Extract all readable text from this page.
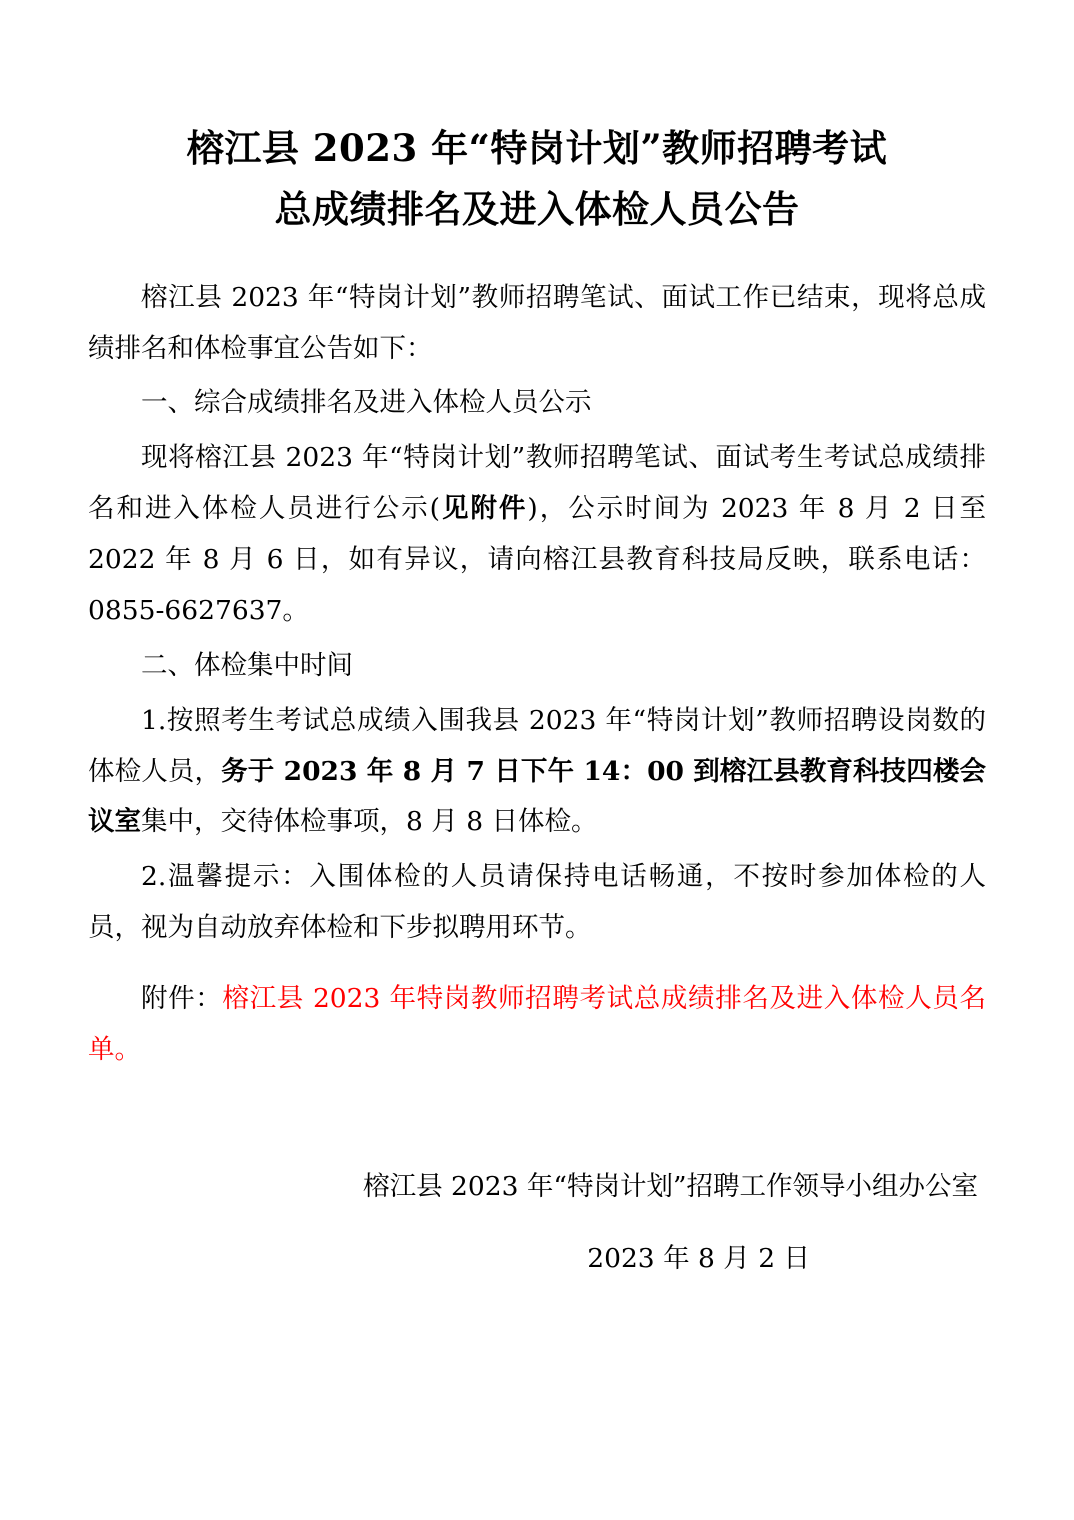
榕江县 2023 年“特岗计划”教师招聘考试
总成绩排名及进入体检人员公告

榕江县 2023 年“特岗计划”教师招聘笔试、面试工作已结束，现将总成绩排名和体检事宜公告如下：

一、综合成绩排名及进入体检人员公示

现将榕江县 2023 年“特岗计划”教师招聘笔试、面试考生考试总成绩排名和进入体检人员进行公示(见附件)，公示时间为 2023 年 8 月 2 日至 2022 年 8 月 6 日，如有异议，请向榕江县教育科技局反映，联系电话：0855-6627637。

二、体检集中时间

1.按照考生考试总成绩入围我县 2023 年“特岗计划”教师招聘设岗数的体检人员，务于 2023 年 8 月 7 日下午 14：00 到榕江县教育科技四楼会议室集中，交待体检事项，8 月 8 日体检。

2.温馨提示：入围体检的人员请保持电话畅通，不按时参加体检的人员，视为自动放弃体检和下步拟聘用环节。

附件：榕江县 2023 年特岗教师招聘考试总成绩排名及进入体检人员名单。

榕江县 2023 年“特岗计划”招聘工作领导小组办公室
2023 年 8 月 2 日
